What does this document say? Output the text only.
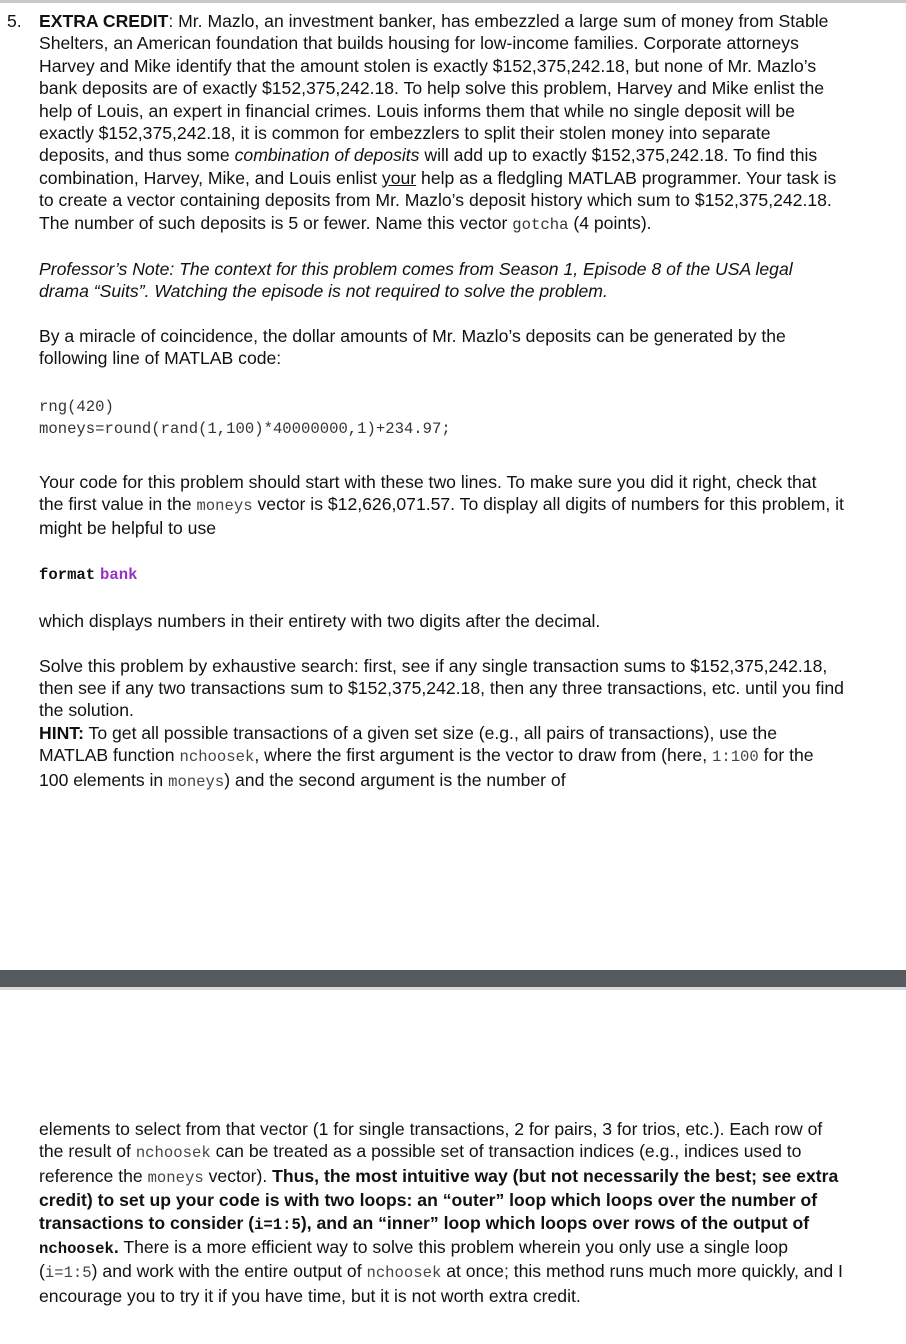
5. EXTRA CREDIT: Mr. Mazlo, an investment banker, has embezzled a large sum of money from Stable Shelters, an American foundation that builds housing for low-income families. Corporate attorneys Harvey and Mike identify that the amount stolen is exactly $152,375,242.18, but none of Mr. Mazlo’s bank deposits are of exactly $152,375,242.18. To help solve this problem, Harvey and Mike enlist the help of Louis, an expert in financial crimes. Louis informs them that while no single deposit will be exactly $152,375,242.18, it is common for embezzlers to split their stolen money into separate deposits, and thus some combination of deposits will add up to exactly $152,375,242.18. To find this combination, Harvey, Mike, and Louis enlist your help as a fledgling MATLAB programmer. Your task is to create a vector containing deposits from Mr. Mazlo’s deposit history which sum to $152,375,242.18. The number of such deposits is 5 or fewer. Name this vector gotcha (4 points).

Professor’s Note: The context for this problem comes from Season 1, Episode 8 of the USA legal drama “Suits”. Watching the episode is not required to solve the problem.

By a miracle of coincidence, the dollar amounts of Mr. Mazlo’s deposits can be generated by the following line of MATLAB code:

rng(420)
moneys=round(rand(1,100)*40000000,1)+234.97;

Your code for this problem should start with these two lines. To make sure you did it right, check that the first value in the moneys vector is $12,626,071.57. To display all digits of numbers for this problem, it might be helpful to use

format bank

which displays numbers in their entirety with two digits after the decimal.

Solve this problem by exhaustive search: first, see if any single transaction sums to $152,375,242.18, then see if any two transactions sum to $152,375,242.18, then any three transactions, etc. until you find the solution.

HINT: To get all possible transactions of a given set size (e.g., all pairs of transactions), use the MATLAB function nchoosek, where the first argument is the vector to draw from (here, 1:100 for the 100 elements in moneys) and the second argument is the number of

elements to select from that vector (1 for single transactions, 2 for pairs, 3 for trios, etc.). Each row of the result of nchoosek can be treated as a possible set of transaction indices (e.g., indices used to reference the moneys vector). Thus, the most intuitive way (but not necessarily the best; see extra credit) to set up your code is with two loops: an “outer” loop which loops over the number of transactions to consider (i=1:5), and an “inner” loop which loops over rows of the output of nchoosek. There is a more efficient way to solve this problem wherein you only use a single loop (i=1:5) and work with the entire output of nchoosek at once; this method runs much more quickly, and I encourage you to try it if you have time, but it is not worth extra credit.
